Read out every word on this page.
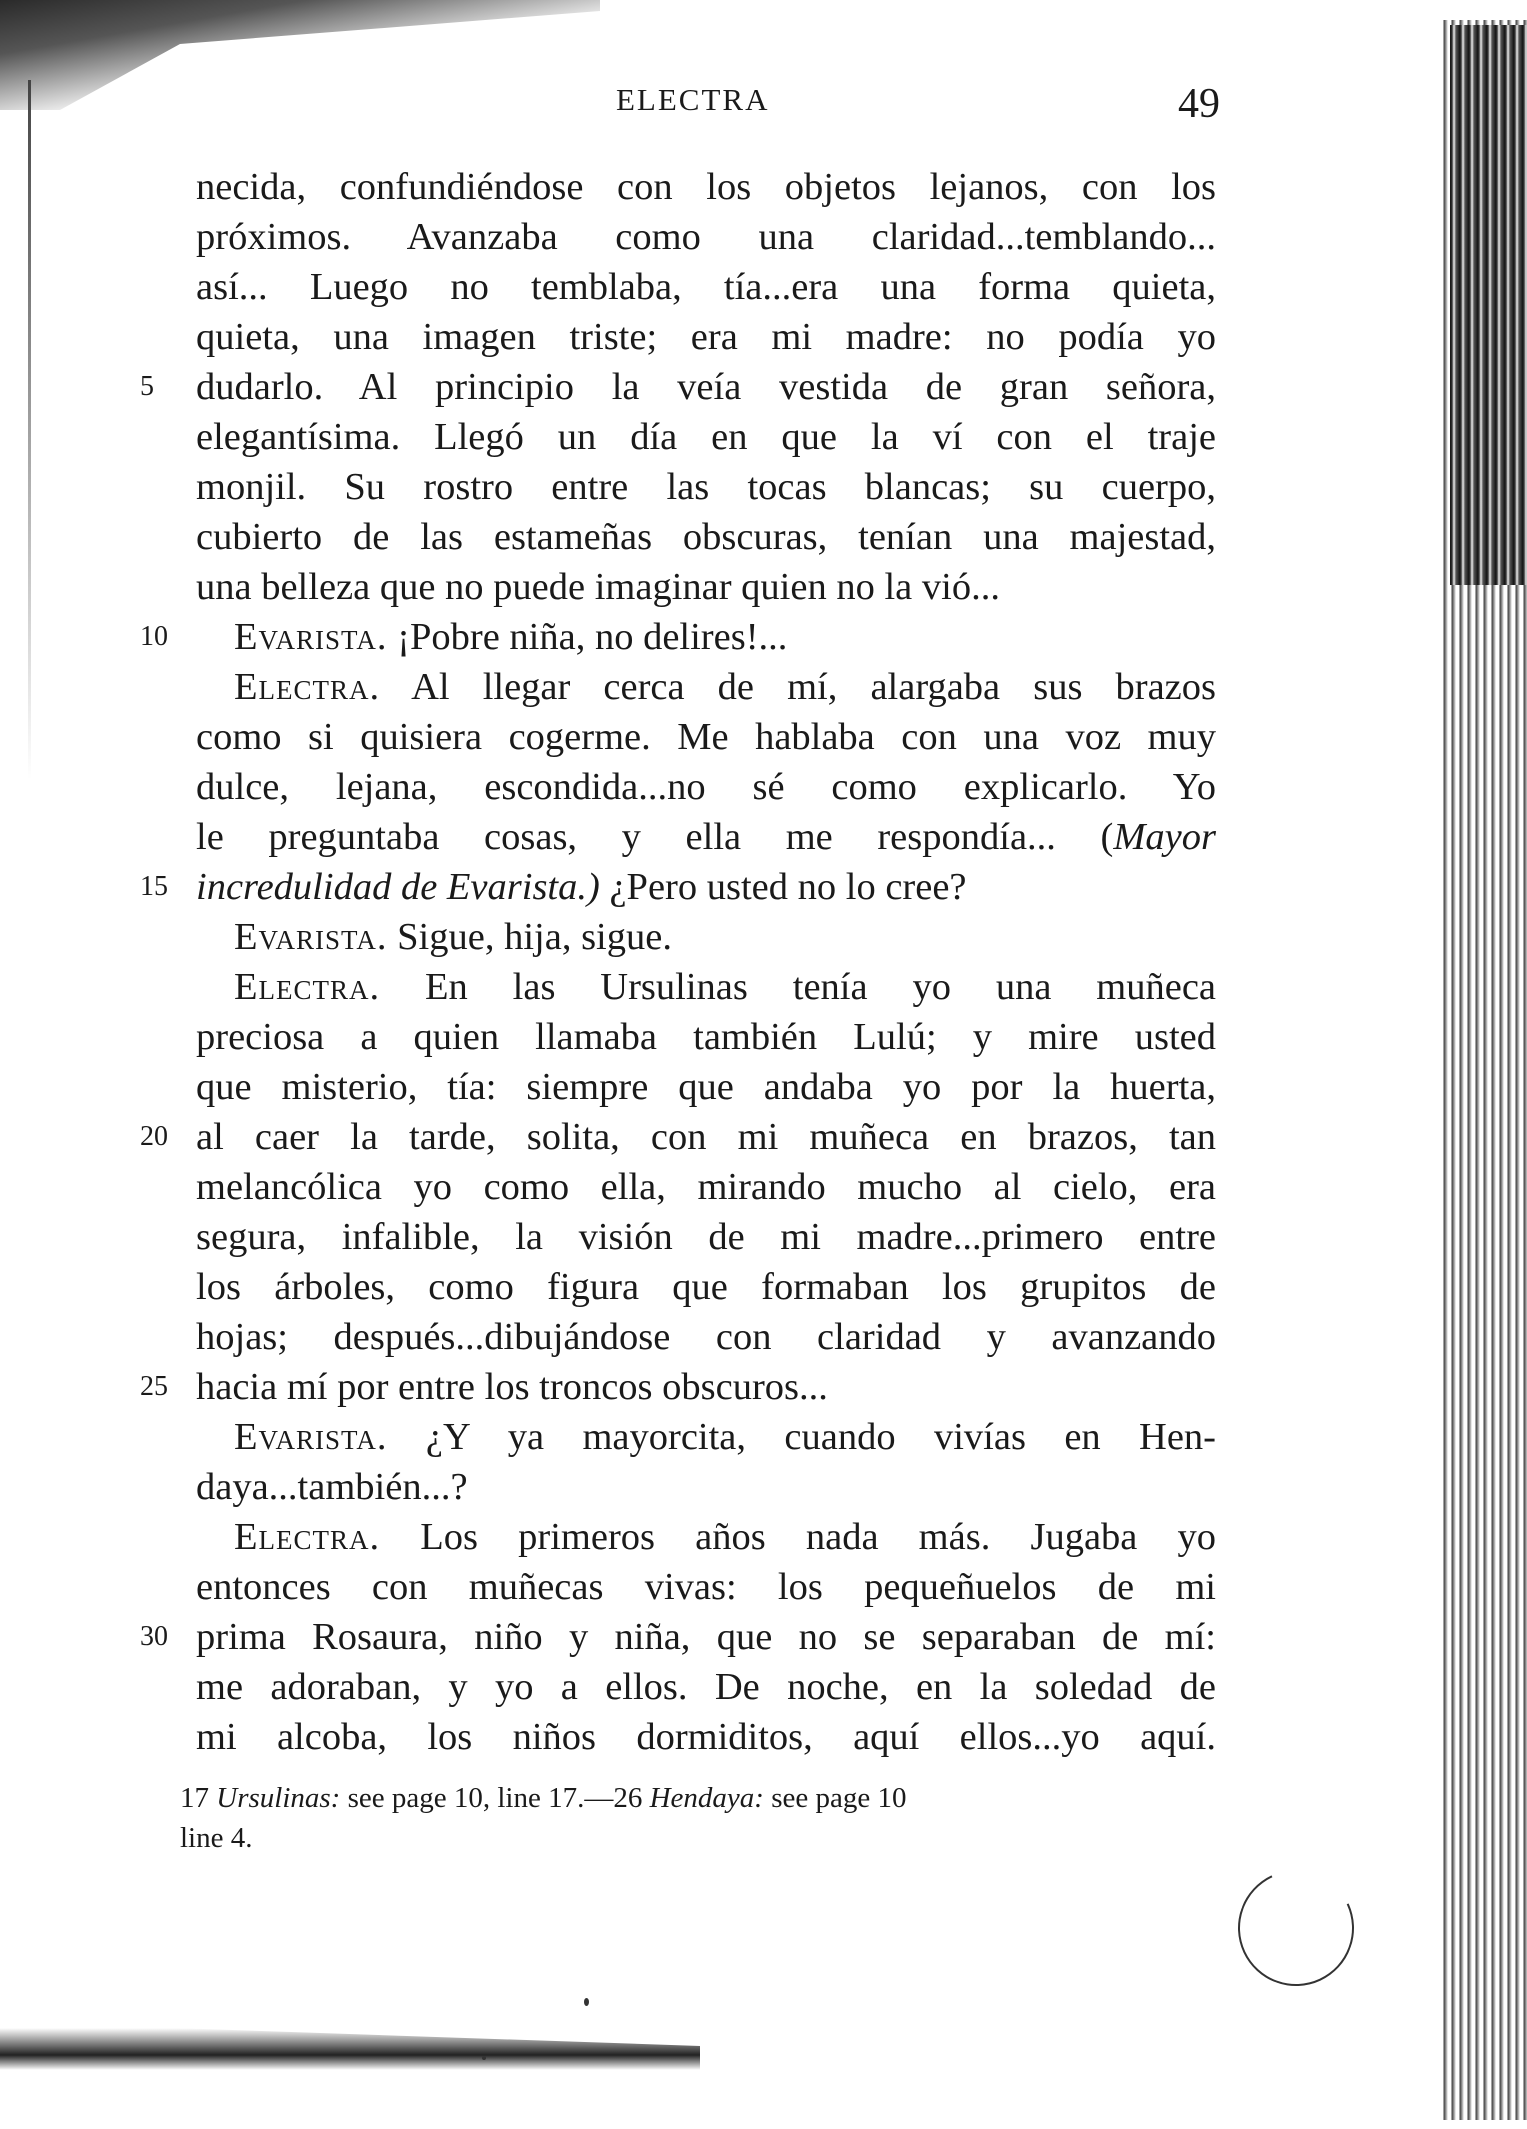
ELECTRA	49
necida, confundiéndose con los objetos lejanos, con los
próximos. Avanzaba como una claridad...temblando...
así... Luego no temblaba, tía...era una forma quieta,
quieta, una imagen triste; era mi madre: no podía yo
5	dudarlo. Al principio la veía vestida de gran señora,
elegantísima. Llegó un día en que la ví con el traje
monjil. Su rostro entre las tocas blancas; su cuerpo,
cubierto de las estameñas obscuras, tenían una majestad,
una belleza que no puede imaginar quien no la vió...
10	Evarista. ¡Pobre niña, no delires!...
Electra. Al llegar cerca de mí, alargaba sus brazos
como si quisiera cogerme. Me hablaba con una voz muy
dulce, lejana, escondida...no sé como explicarlo. Yo
le preguntaba cosas, y ella me respondía... (Mayor
15 incredulidad de Evarista.) ¿Pero usted no lo cree?
Evarista. Sigue, hija, sigue.
Electra. En las Ursulinas tenía yo una muñeca
preciosa a quien llamaba también Lulú; y mire usted
que misterio, tía: siempre que andaba yo por la huerta,
20 al caer la tarde, solita, con mi muñeca en brazos, tan
melancólica yo como ella, mirando mucho al cielo, era
segura, infalible, la visión de mi madre...primero entre
los árboles, como figura que formaban los grupitos de
hojas; después...dibujándose con claridad y avanzando
25 hacia mí por entre los troncos obscuros...
Evarista. ¿Y ya mayorcita, cuando vivías en Hen-
daya...también...?
Electra. Los primeros años nada más. Jugaba yo
entonces con muñecas vivas: los pequeñuelos de mi
30 prima Rosaura, niño y niña, que no se separaban de mí:
me adoraban, y yo a ellos. De noche, en la soledad de
mi alcoba, los niños dormiditos, aquí ellos...yo aquí.
17 Ursulinas: see page 10, line 17.—26 Hendaya: see page 10
line 4.
